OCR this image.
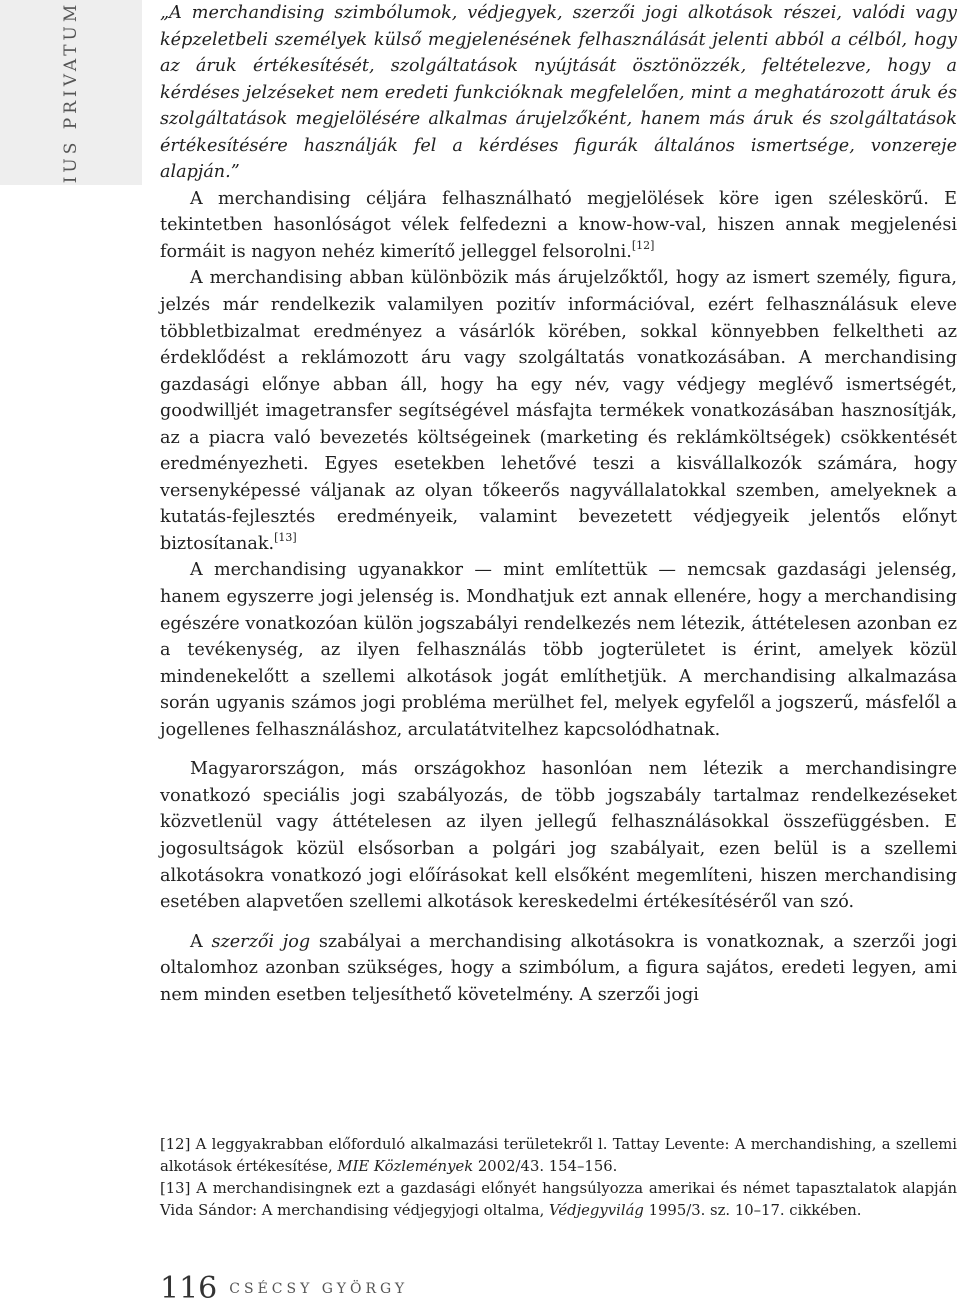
IUS PRIVATUM	„A merchandising szimbólumok, védjegyek, szerzői jogi alkotások részei, valódi vagy képzeletbeli személyek külső megjelenésének felhasználását jelenti abból a célból, hogy az áruk értékesítését, szolgáltatások nyújtását ösztönözzék, feltételezve, hogy a kérdéses jelzéseket nem eredeti funkcióknak megfelelően, mint a meghatározott áruk és szolgáltatások megjelölésére alkalmas árujelzőként, hanem más áruk és szolgáltatások értékesítésére használják fel a kérdéses figurák általános ismertsége, vonzereje alapján.”

A merchandising céljára felhasználható megjelölések köre igen széleskörű. E tekintetben hasonlóságot vélek felfedezni a know-how-val, hiszen annak megjelenési formáit is nagyon nehéz kimerítő jelleggel felsorolni.[12]

A merchandising abban különbözik más árujelzőktől, hogy az ismert személy, figura, jelzés már rendelkezik valamilyen pozitív információval, ezért felhasználásuk eleve többletbizalmat eredményez a vásárlók körében, sokkal könnyebben felkeltheti az érdeklődést a reklámozott áru vagy szolgáltatás vonatkozásában. A merchandising gazdasági előnye abban áll, hogy ha egy név, vagy védjegy meglévő ismertségét, goodwilljét imagetransfer segítségével másfajta termékek vonatkozásában hasznosítják, az a piacra való bevezetés költségeinek (marketing és reklámköltségek) csökkentését eredményezheti. Egyes esetekben lehetővé teszi a kisvállalkozók számára, hogy versenyképessé váljanak az olyan tőkeerős nagyvállalatokkal szemben, amelyeknek a kutatás-fejlesztés eredményeik, valamint bevezetett védjegyeik jelentős előnyt biztosítanak.[13]

A merchandising ugyanakkor — mint említettük — nemcsak gazdasági jelenség, hanem egyszerre jogi jelenség is. Mondhatjuk ezt annak ellenére, hogy a merchandising egészére vonatkozóan külön jogszabályi rendelkezés nem létezik, áttételesen azonban ez a tevékenység, az ilyen felhasználás több jogterületet is érint, amelyek közül mindenekelőtt a szellemi alkotások jogát említhetjük. A merchandising alkalmazása során ugyanis számos jogi probléma merülhet fel, melyek egyfelől a jogszerű, másfelől a jogellenes felhasználáshoz, arculatátvitelhez kapcsolódhatnak.

Magyarországon, más országokhoz hasonlóan nem létezik a merchandisingre vonatkozó speciális jogi szabályozás, de több jogszabály tartalmaz rendelkezéseket közvetlenül vagy áttételesen az ilyen jellegű felhasználásokkal összefüggésben. E jogosultságok közül elsősorban a polgári jog szabályait, ezen belül is a szellemi alkotásokra vonatkozó jogi előírásokat kell elsőként megemlíteni, hiszen merchandising esetében alapvetően szellemi alkotások kereskedelmi értékesítéséről van szó.

A szerzői jog szabályai a merchandising alkotásokra is vonatkoznak, a szerzői jogi oltalomhoz azonban szükséges, hogy a szimbólum, a figura sajátos, eredeti legyen, ami nem minden esetben teljesíthető követelmény. A szerzői jogi

[12] A leggyakrabban előforduló alkalmazási területekről l. Tattay Levente: A merchandishing, a szellemi alkotások értékesítése, MIE Közlemények 2002/43. 154–156.

[13] A merchandisingnek ezt a gazdasági előnyét hangsúlyozza amerikai és német tapasztalatok alapján Vida Sándor: A merchandising védjegyjogi oltalma, Védjegyvilág 1995/3. sz. 10–17. cikkében.

116 CSÉCSY GYÖRGY
